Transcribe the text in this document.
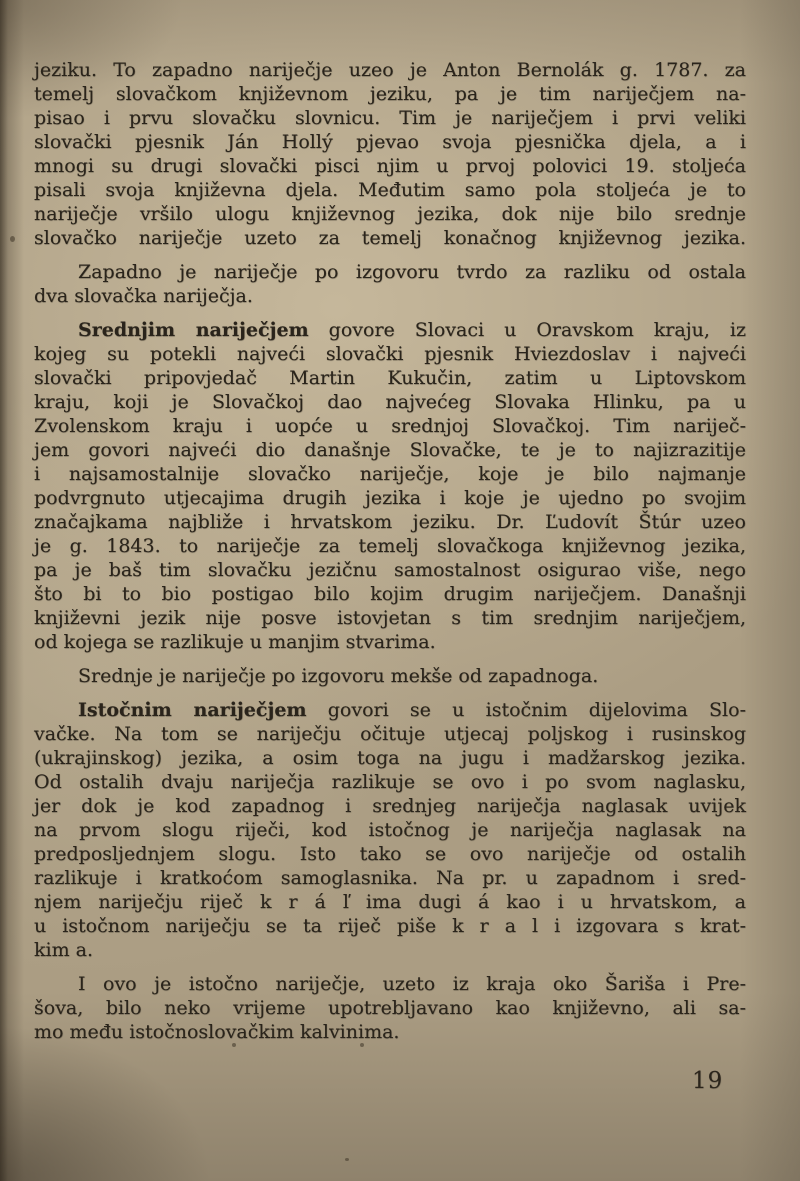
jeziku. To zapadno nariječje uzeo je Anton Bernolák g. 1787. za
temelj slovačkom književnom jeziku, pa je tim nariječjem na-
pisao i prvu slovačku slovnicu. Tim je nariječjem i prvi veliki
slovački pjesnik Ján Hollý pjevao svoja pjesnička djela, a i
mnogi su drugi slovački pisci njim u prvoj polovici 19. stoljeća
pisali svoja književna djela. Međutim samo pola stoljeća je to
nariječje vršilo ulogu književnog jezika, dok nije bilo srednje
slovačko nariječje uzeto za temelj konačnog književnog jezika.
Zapadno je nariječje po izgovoru tvrdo za razliku od ostala
dva slovačka nariječja.
Srednjim nariječjem govore Slovaci u Oravskom kraju, iz
kojeg su potekli najveći slovački pjesnik Hviezdoslav i najveći
slovački pripovjedač Martin Kukučin, zatim u Liptovskom
kraju, koji je Slovačkoj dao najvećeg Slovaka Hlinku, pa u
Zvolenskom kraju i uopće u srednjoj Slovačkoj. Tim nariječ-
jem govori najveći dio današnje Slovačke, te je to najizrazitije
i najsamostalnije slovačko nariječje, koje je bilo najmanje
podvrgnuto utjecajima drugih jezika i koje je ujedno po svojim
značajkama najbliže i hrvatskom jeziku. Dr. Ľudovít Štúr uzeo
je g. 1843. to nariječje za temelj slovačkoga književnog jezika,
pa je baš tim slovačku jezičnu samostalnost osigurao više, nego
što bi to bio postigao bilo kojim drugim nariječjem. Današnji
književni jezik nije posve istovjetan s tim srednjim nariječjem,
od kojega se razlikuje u manjim stvarima.
Srednje je nariječje po izgovoru mekše od zapadnoga.
Istočnim nariječjem govori se u istočnim dijelovima Slo-
vačke. Na tom se nariječju očituje utjecaj poljskog i rusinskog
(ukrajinskog) jezika, a osim toga na jugu i madžarskog jezika.
Od ostalih dvaju nariječja razlikuje se ovo i po svom naglasku,
jer dok je kod zapadnog i srednjeg nariječja naglasak uvijek
na prvom slogu riječi, kod istočnog je nariječja naglasak na
predposljednjem slogu. Isto tako se ovo nariječje od ostalih
razlikuje i kratkoćom samoglasnika. Na pr. u zapadnom i sred-
njem nariječju riječ k r á ľ ima dugi á kao i u hrvatskom, a
u istočnom nariječju se ta riječ piše k r a l i izgovara s krat-
kim a.
I ovo je istočno nariječje, uzeto iz kraja oko Šariša i Pre-
šova, bilo neko vrijeme upotrebljavano kao književno, ali sa-
mo među istočnoslovačkim kalvinima.
19
